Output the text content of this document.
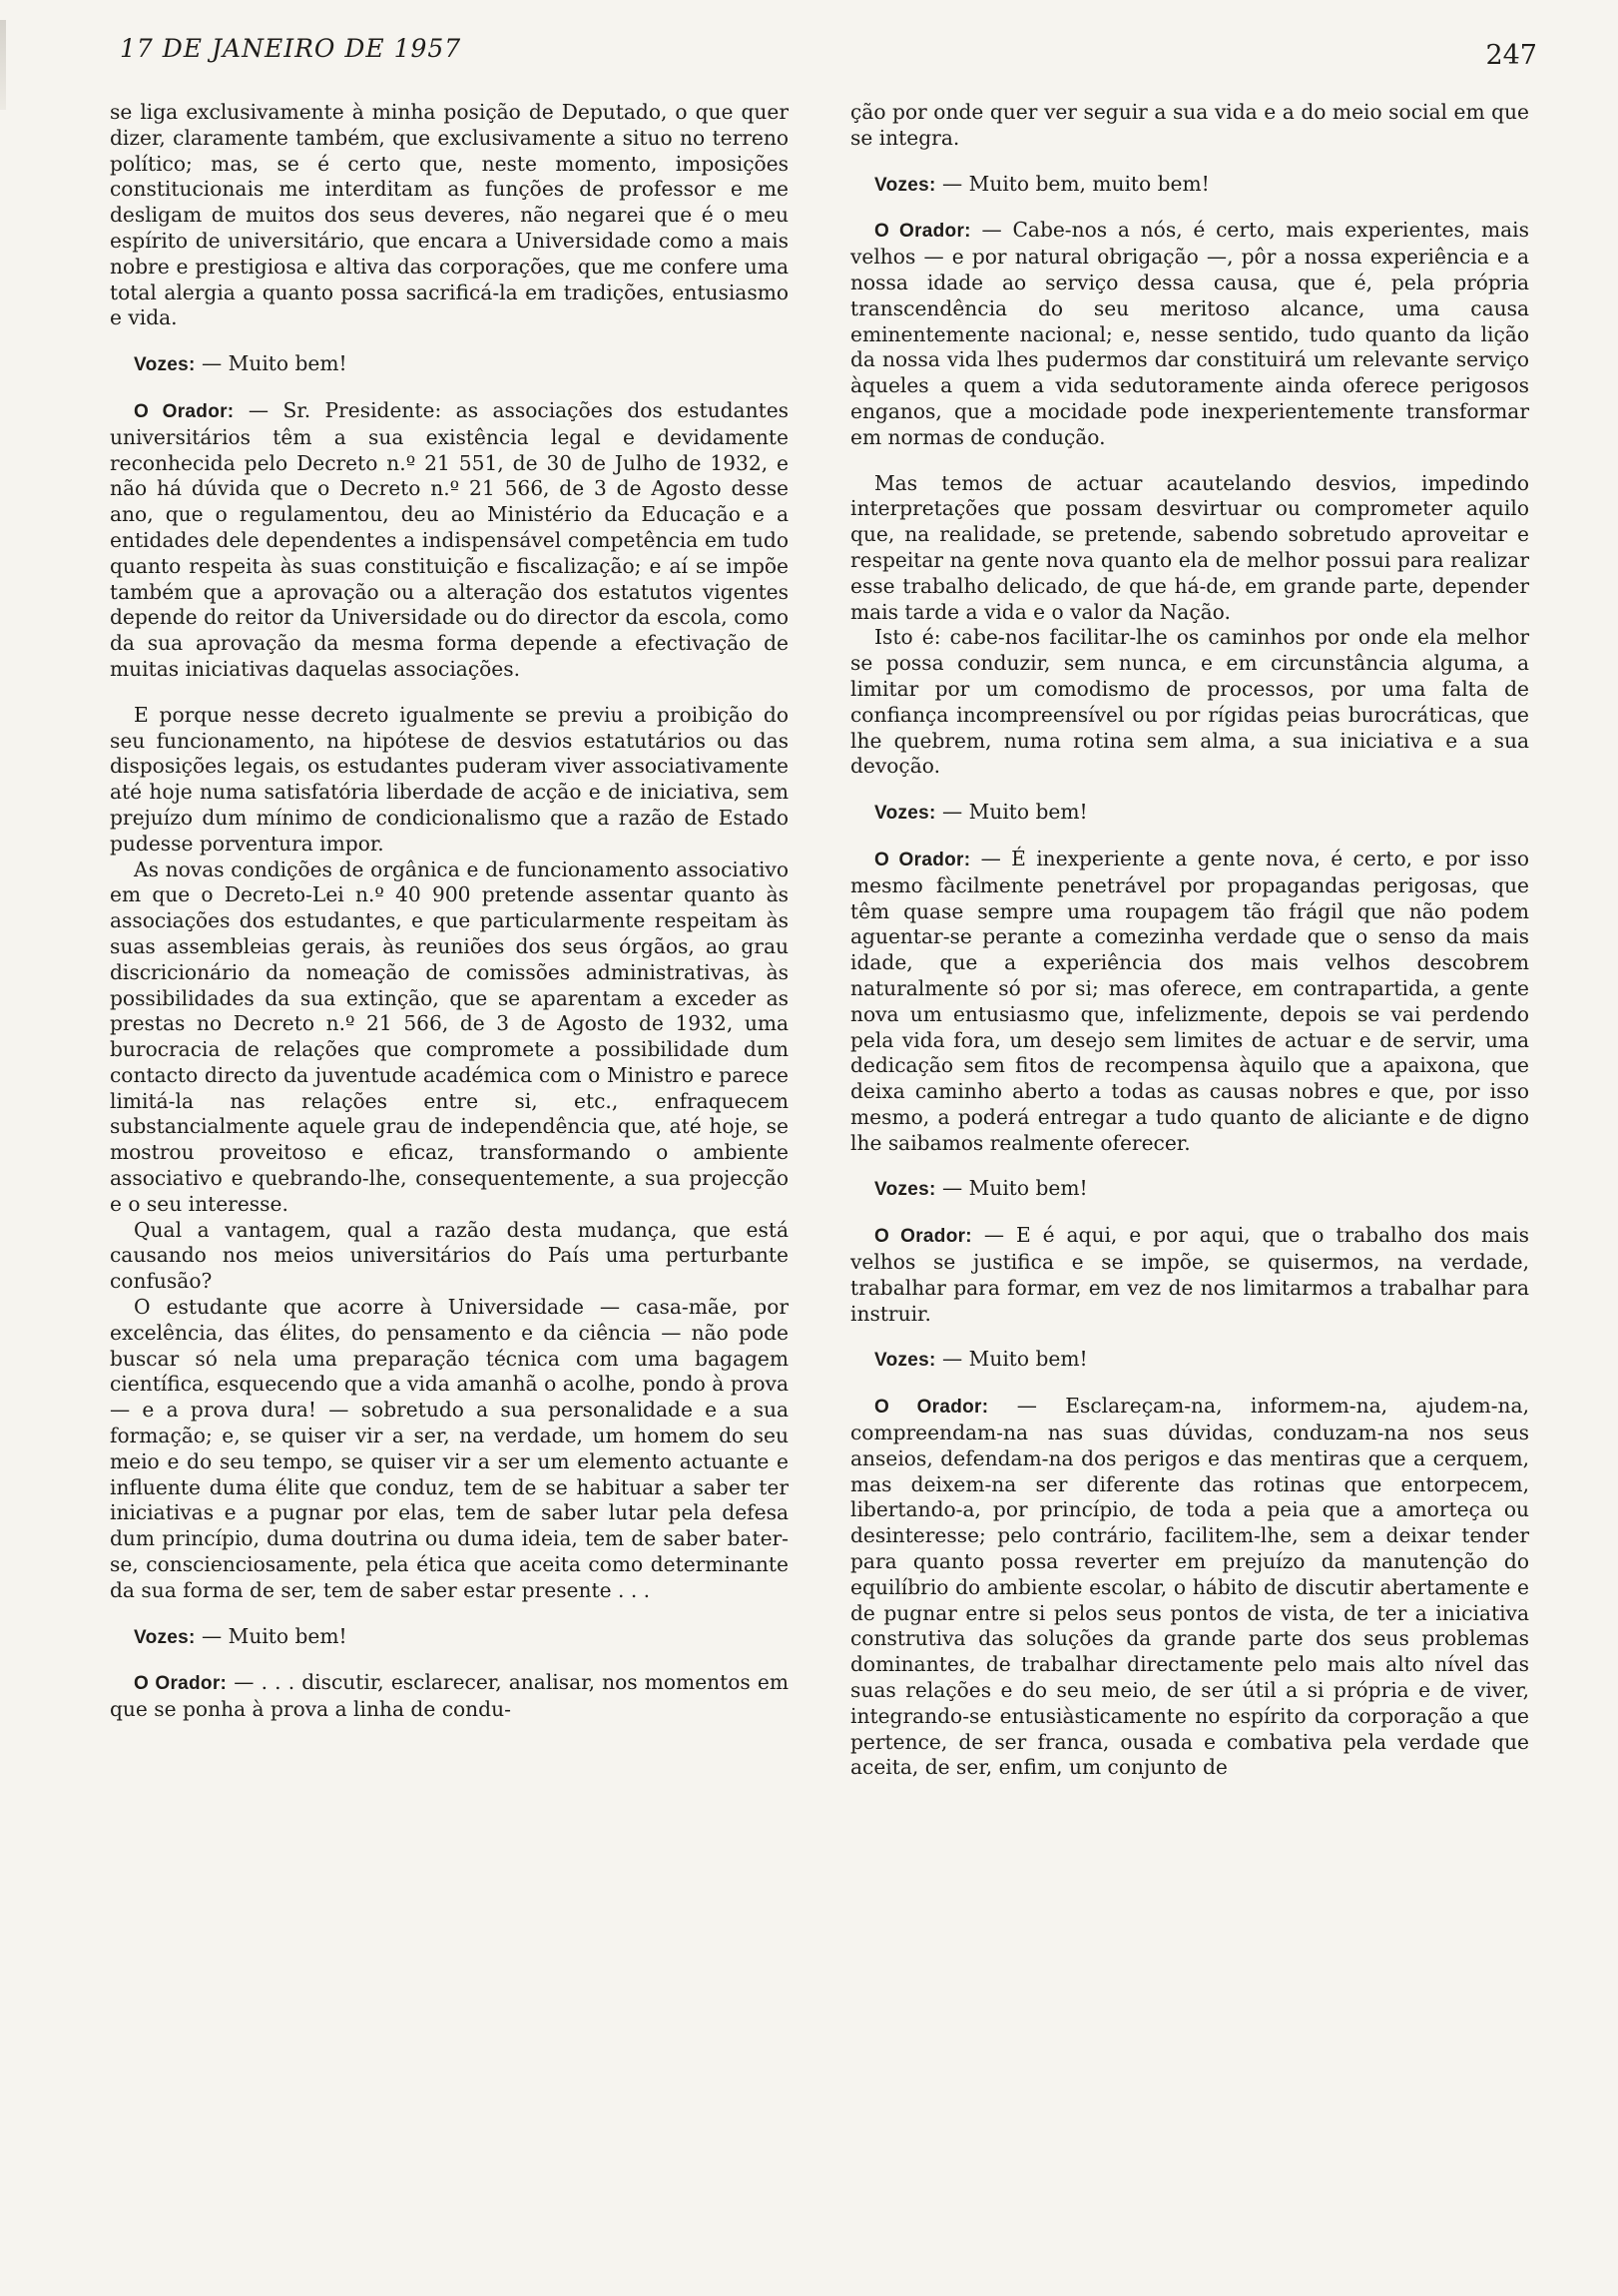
17 DE JANEIRO DE 1957	247

se liga exclusivamente à minha posição de Deputado, o que quer dizer, claramente também, que exclusivamente a situo no terreno político; mas, se é certo que, neste momento, imposições constitucionais me interditam as funções de professor e me desligam de muitos dos seus deveres, não negarei que é o meu espírito de universitário, que encara a Universidade como a mais nobre e prestigiosa e altiva das corporações, que me confere uma total alergia a quanto possa sacrificá-la em tradições, entusiasmo e vida.

Vozes: — Muito bem!

O Orador: — Sr. Presidente: as associações dos estudantes universitários têm a sua existência legal e devidamente reconhecida pelo Decreto n.º 21 551, de 30 de Julho de 1932, e não há dúvida que o Decreto n.º 21 566, de 3 de Agosto desse ano, que o regulamentou, deu ao Ministério da Educação e a entidades dele dependentes a indispensável competência em tudo quanto respeita às suas constituição e fiscalização; e aí se impõe também que a aprovação ou a alteração dos estatutos vigentes depende do reitor da Universidade ou do director da escola, como da sua aprovação da mesma forma depende a efectivação de muitas iniciativas daquelas associações.

E porque nesse decreto igualmente se previu a proibição do seu funcionamento, na hipótese de desvios estatutários ou das disposições legais, os estudantes puderam viver associativamente até hoje numa satisfatória liberdade de acção e de iniciativa, sem prejuízo dum mínimo de condicionalismo que a razão de Estado pudesse porventura impor.

As novas condições de orgânica e de funcionamento associativo em que o Decreto-Lei n.º 40 900 pretende assentar quanto às associações dos estudantes, e que particularmente respeitam às suas assembleias gerais, às reuniões dos seus órgãos, ao grau discricionário da nomeação de comissões administrativas, às possibilidades da sua extinção, que se aparentam a exceder as prestas no Decreto n.º 21 566, de 3 de Agosto de 1932, uma burocracia de relações que compromete a possibilidade dum contacto directo da juventude académica com o Ministro e parece limitá-la nas relações entre si, etc., enfraquecem substancialmente aquele grau de independência que, até hoje, se mostrou proveitoso e eficaz, transformando o ambiente associativo e quebrando-lhe, consequentemente, a sua projecção e o seu interesse.

Qual a vantagem, qual a razão desta mudança, que está causando nos meios universitários do País uma perturbante confusão?

O estudante que acorre à Universidade — casa-mãe, por excelência, das élites, do pensamento e da ciência — não pode buscar só nela uma preparação técnica com uma bagagem científica, esquecendo que a vida amanhã o acolhe, pondo à prova — e a prova dura! — sobretudo a sua personalidade e a sua formação; e, se quiser vir a ser, na verdade, um homem do seu meio e do seu tempo, se quiser vir a ser um elemento actuante e influente duma élite que conduz, tem de se habituar a saber ter iniciativas e a pugnar por elas, tem de saber lutar pela defesa dum princípio, duma doutrina ou duma ideia, tem de saber bater-se, conscienciosamente, pela ética que aceita como determinante da sua forma de ser, tem de saber estar presente . . .

Vozes: — Muito bem!

O Orador: — . . . discutir, esclarecer, analisar, nos momentos em que se ponha à prova a linha de condu-

ção por onde quer ver seguir a sua vida e a do meio social em que se integra.

Vozes: — Muito bem, muito bem!

O Orador: — Cabe-nos a nós, é certo, mais experientes, mais velhos — e por natural obrigação —, pôr a nossa experiência e a nossa idade ao serviço dessa causa, que é, pela própria transcendência do seu meritoso alcance, uma causa eminentemente nacional; e, nesse sentido, tudo quanto da lição da nossa vida lhes pudermos dar constituirá um relevante serviço àqueles a quem a vida sedutoramente ainda oferece perigosos enganos, que a mocidade pode inexperientemente transformar em normas de condução.

Mas temos de actuar acautelando desvios, impedindo interpretações que possam desvirtuar ou comprometer aquilo que, na realidade, se pretende, sabendo sobretudo aproveitar e respeitar na gente nova quanto ela de melhor possui para realizar esse trabalho delicado, de que há-de, em grande parte, depender mais tarde a vida e o valor da Nação.

Isto é: cabe-nos facilitar-lhe os caminhos por onde ela melhor se possa conduzir, sem nunca, e em circunstância alguma, a limitar por um comodismo de processos, por uma falta de confiança incompreensível ou por rígidas peias burocráticas, que lhe quebrem, numa rotina sem alma, a sua iniciativa e a sua devoção.

Vozes: — Muito bem!

O Orador: — É inexperiente a gente nova, é certo, e por isso mesmo fàcilmente penetrável por propagandas perigosas, que têm quase sempre uma roupagem tão frágil que não podem aguentar-se perante a comezinha verdade que o senso da mais idade, que a experiência dos mais velhos descobrem naturalmente só por si; mas oferece, em contrapartida, a gente nova um entusiasmo que, infelizmente, depois se vai perdendo pela vida fora, um desejo sem limites de actuar e de servir, uma dedicação sem fitos de recompensa àquilo que a apaixona, que deixa caminho aberto a todas as causas nobres e que, por isso mesmo, a poderá entregar a tudo quanto de aliciante e de digno lhe saibamos realmente oferecer.

Vozes: — Muito bem!

O Orador: — E é aqui, e por aqui, que o trabalho dos mais velhos se justifica e se impõe, se quisermos, na verdade, trabalhar para formar, em vez de nos limitarmos a trabalhar para instruir.

Vozes: — Muito bem!

O Orador: — Esclareçam-na, informem-na, ajudem-na, compreendam-na nas suas dúvidas, conduzam-na nos seus anseios, defendam-na dos perigos e das mentiras que a cerquem, mas deixem-na ser diferente das rotinas que entorpecem, libertando-a, por princípio, de toda a peia que a amorteça ou desinteresse; pelo contrário, facilitem-lhe, sem a deixar tender para quanto possa reverter em prejuízo da manutenção do equilíbrio do ambiente escolar, o hábito de discutir abertamente e de pugnar entre si pelos seus pontos de vista, de ter a iniciativa construtiva das soluções da grande parte dos seus problemas dominantes, de trabalhar directamente pelo mais alto nível das suas relações e do seu meio, de ser útil a si própria e de viver, integrando-se entusiàsticamente no espírito da corporação a que pertence, de ser franca, ousada e combativa pela verdade que aceita, de ser, enfim, um conjunto de
